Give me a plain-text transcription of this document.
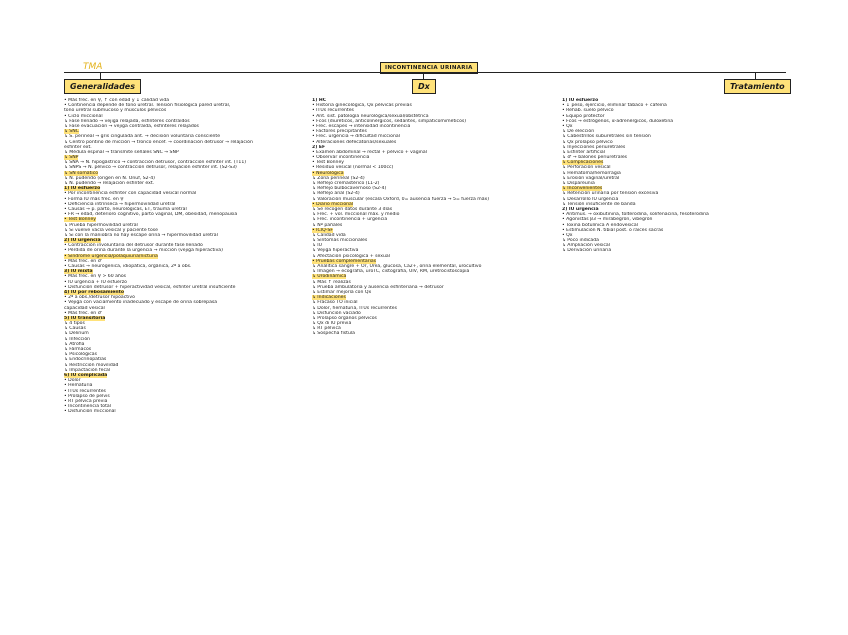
TMA	INCONTINENCIA URINARIA
Generalidades	Dx	Tratamiento
• Más frec. en ♀, ↑ con edad y ↓ calidad vida
• Continencia depende de tono uretral. Tensión fisiológica pared uretral,
tono uretral submucoso y músculos pélvicos
• Ciclo miccional
↳ Fase llenado → vejiga relajada, esfínteres contraídos
↳ Fase evacuación → vejiga contraída, esfínteres relajados
↳ SNC
↳ S. perineal → gris cingulada ant. → decisión voluntaria consciente
↳ Centro pontino de micción → tronco encef. → coordinación detrusor → relajación
esfínter ext.
↳ Médula espinal → transmite señales SNC → SNP
↳ SNP
↳ SNA → N. hipogástrico → contracción detrusor, contracción esfínter int. (T11)
↳ SNPS → N. pélvico → contracción detrusor, relajación esfínter int. (S2-S3)
↳ SN somático
↳ N. pudendo (origen en N. Onuf, S2-4)
↳ N. pudendo → relajación esfínter ext.
1) IU esfuerzo
• Por incontinencia esfínter con capacidad vesical normal
• Forma IU más frec. en ♀
• Deficiencia intrínseca → hipermovilidad uretral
• Causas → p. parto, neurológicas, ET, trauma uretral
• FR → edad, deterioro cognitivo, parto vaginal, DM, obesidad, menopausia
• Test Bonney
↳ Prueba hipermovilidad uretral
↳ Si vuelve vacía vesical y paciente tose
↳ Si con la maniobra no hay escape orina → hipermovilidad uretral
2) IU urgencia
• Contracción involuntaria del detrusor durante fase llenado
• Pérdida de orina durante la urgencia → micción (vejiga hiperactiva)
• Síndrome urgencia/polaquiuria/nicturia
• Más frec. en ♂
• Causas → neurógenica, idiopática, orgánica, 2ª a obs.
3) IU mixta
• Más frec. en ♀ > 60 años
• IU urgencia + IU esfuerzo
• Disfunción detrusor + hiperactividad vesical, esfínter uretral insuficiente
4) IU por rebosamiento
• 2ª a obs./detrusor hipoactivo
• Vejiga con vaciamiento inadecuado y escape de orina sobrepasa
capacidad vesical
• Más frec. en ♂
5) IU transitoria
↳ 4 tipos
↳ Causas
↳ Delirium
↳ Infección
↳ Atrofia
↳ Fármacos
↳ Psicológicas
↳ Endocrinopatías
↳ Restricción movilidad
↳ Impactación fecal
6) IU complicada
• Dolor
• Hematuria
• ITUs recurrentes
• Prolapso de pelvis
• RT pélvica previa
• Incontinencia total
• Disfunción miccional
1) HC
• Historia ginecológica, Qx pélvicas previas
• ITUs recurrentes
• Ant. sist. patología neurológica/sexual/obstétrica
• Fcos (diuréticos, anticolinérgicos, sedantes, simpaticomiméticos)
• Frec. escapes → intensidad incontinencia
• Factores precipitantes
• Frec. urgencia → dificultad miccional
• Alteraciones defecatorias/sexuales
2) EF
• Examen abdominal → rectal + pélvico + vaginal
• Observar incontinencia
• Test Bonney
• Residuo vesical (normal < 100cc)
• Neurológica
↳ Zona perineal (S2-4)
↳ Reflejo cremastérico (L1-2)
↳ Reflejo bulbocavernoso (S2-4)
↳ Reflejo anal (S2-4)
↳ Valoración muscular (escala Oxford, 0= ausencia fuerza → 5= fuerza máx)
• Diario miccional
↳ Se recogen datos durante 3 días
↳ Frec. + vol. miccional máx. y medio
↳ Frec. incontinencia + urgencia
↳ Nº pañales
• ICIQ-SF
↳ Calidad vida
↳ Síntomas miccionales
↳ IU
↳ Vejiga hiperactiva
↳ Afectación psicológica + sexual
• Pruebas complementarias
↳ Analítica sangre + Or, Urea, glucosa, Ca2+, orina elemental, urocultivo
↳ Imagen → ecografía, uroTC, cistografía, UIV, RM, uretrocistoscopia
↳ Urodinámica
↳ Más ↑ realizas
↳ Prueba ambulatoria y ausencia esfinteriana → detrusor
↳ Estimar mejoría con Qx
↳ Indicaciones
↳ Fracaso TO inicial
↳ Dolor, hematuria, ITUs recurrentes
↳ Disfunción vaciado
↳ Prolapso órganos pélvicos
↳ Qx di IU previa
↳ RT pélvica
↳ Sospecha fístula
1) IU esfuerzo
• ↓ peso, ejercicio, eliminar tabaco + cafeína
• Rehab. suelo pélvico
• Equipo protector
• Fcos → estrógenos, α-adrenérgicos, duloxetina
• Qx
↳ De elección
↳ Cabestrillos suburetrales sin tensión
↳ Qx prolapso pélvico
↳ Inyecciones periuretrales
↳ Esfínter artificial
↳ ♂ → balones periuretrales
↳ Complicaciones
↳ Perforación vesical
↳ Hematoma/hemorragia
↳ Erosión vaginal/uretral
↳ Dispareunia
↳ Inconvenientes
↳ Retención urinaria por tensión excesiva
↳ Desarrollo IU urgencia
↳ Tensión insuficiente de banda
2) IU urgencia
• Antimus. → oxibutinina, tolterodina, solifenacina, fesoterodina
• Agonistas β3 → mirabegrón, vibegrón
• Toxina botulínica A endovesical
• Estimulación N. tibial post. o raíces sacras
• Qx
↳ Poco indicada
↳ Ampliación vesical
↳ Derivación urinaria
